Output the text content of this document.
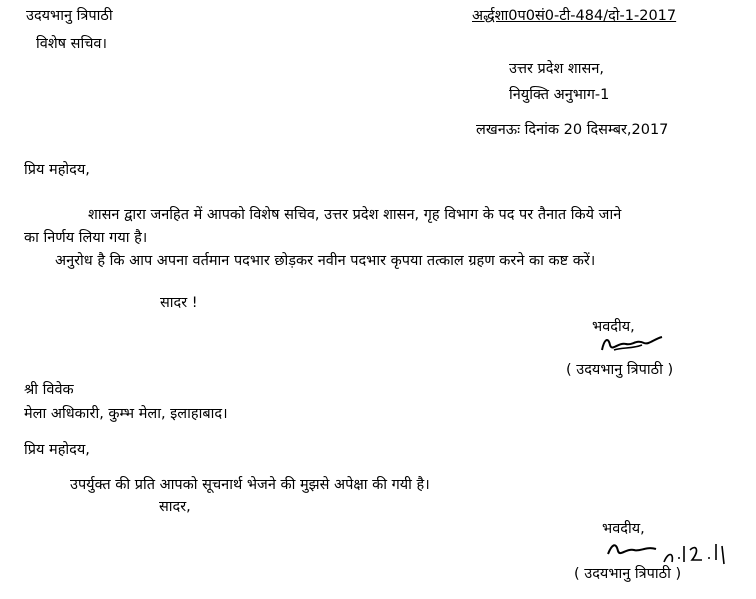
उदयभानु त्रिपाठी
विशेष सचिव।
अर्द्धशा0प0सं0-टी-484/दो-1-2017
उत्तर प्रदेश शासन,
नियुक्ति अनुभाग-1
लखनऊः दिनांक 20 दिसम्बर,2017
प्रिय महोदय,
शासन द्वारा जनहित में आपको विशेष सचिव, उत्तर प्रदेश शासन, गृह विभाग के पद पर तैनात किये जाने
का निर्णय लिया गया है।
अनुरोध है कि आप अपना वर्तमान पदभार छोड़कर नवीन पदभार कृपया तत्काल ग्रहण करने का कष्ट करें।
सादर !
भवदीय,
( उदयभानु त्रिपाठी )
श्री विवेक
मेला अधिकारी, कुम्भ मेला, इलाहाबाद।
प्रिय महोदय,
उपर्युक्त की प्रति आपको सूचनार्थ भेजने की मुझसे अपेक्षा की गयी है।
सादर,
भवदीय,
( उदयभानु त्रिपाठी )
